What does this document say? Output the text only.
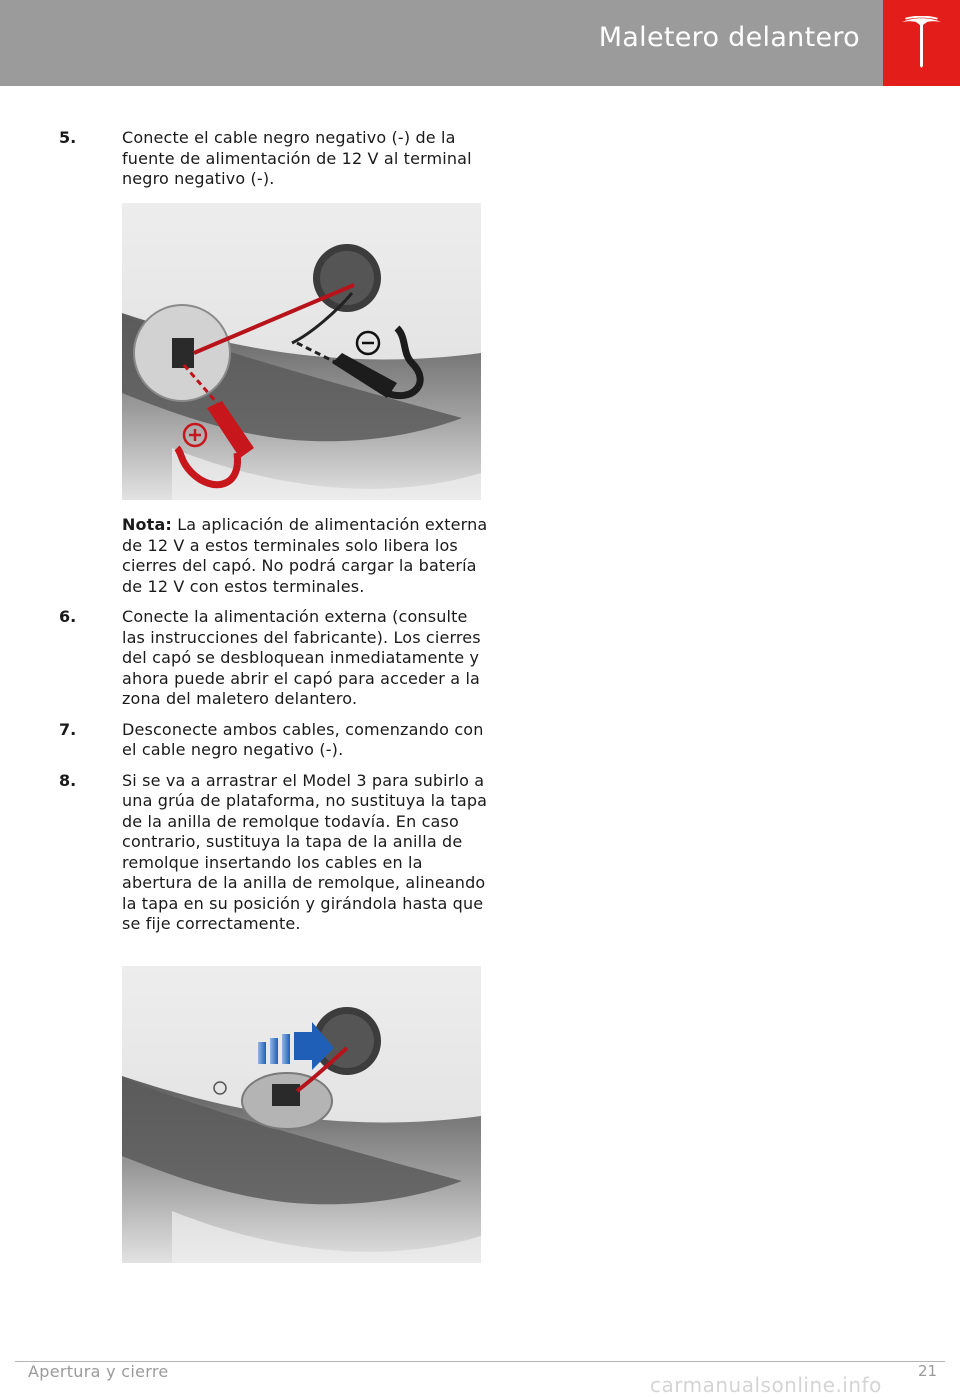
Maletero delantero
5.	Conecte el cable negro negativo (-) de la fuente de alimentación de 12 V al terminal negro negativo (-).

Nota: La aplicación de alimentación externa de 12 V a estos terminales solo libera los cierres del capó. No podrá cargar la batería de 12 V con estos terminales.

6.	Conecte la alimentación externa (consulte las instrucciones del fabricante). Los cierres del capó se desbloquean inmediatamente y ahora puede abrir el capó para acceder a la zona del maletero delantero.

7.	Desconecte ambos cables, comenzando con el cable negro negativo (-).

8.	Si se va a arrastrar el Model 3 para subirlo a una grúa de plataforma, no sustituya la tapa de la anilla de remolque todavía. En caso contrario, sustituya la tapa de la anilla de remolque insertando los cables en la abertura de la anilla de remolque, alineando la tapa en su posición y girándola hasta que se fije correctamente.

Apertura y cierre	21
carmanualsonline.info
